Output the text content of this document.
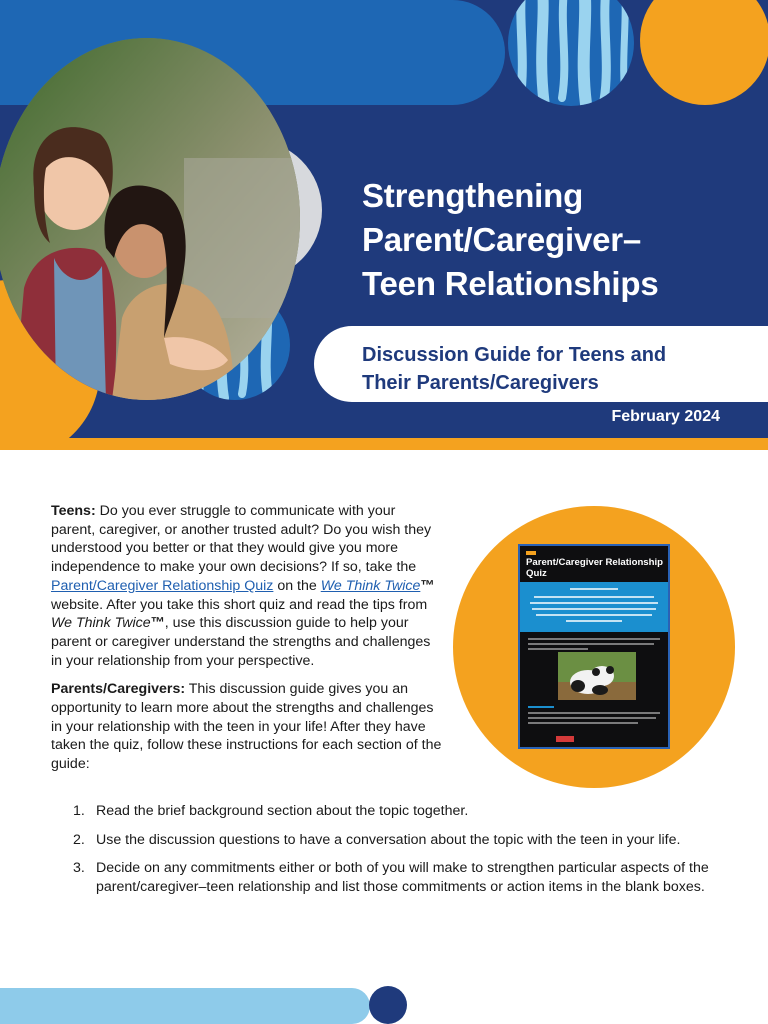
Strengthening
Parent/Caregiver–
Teen Relationships
Discussion Guide for Teens and
Their Parents/Caregivers
February 2024

Teens: Do you ever struggle to communicate with your parent, caregiver, or another trusted adult? Do you wish they understood you better or that they would give you more independence to make your own decisions? If so, take the Parent/Caregiver Relationship Quiz on the We Think Twice™ website. After you take this short quiz and read the tips from We Think Twice™, use this discussion guide to help your parent or caregiver understand the strengths and challenges in your relationship from your perspective.

Parents/Caregivers: This discussion guide gives you an opportunity to learn more about the strengths and challenges in your relationship with the teen in your life! After they have taken the quiz, follow these instructions for each section of the guide:

1. Read the brief background section about the topic together.
2. Use the discussion questions to have a conversation about the topic with the teen in your life.
3. Decide on any commitments either or both of you will make to strengthen particular aspects of the parent/caregiver–teen relationship and list those commitments or action items in the blank boxes.
Parent/Caregiver Relationship Quiz
